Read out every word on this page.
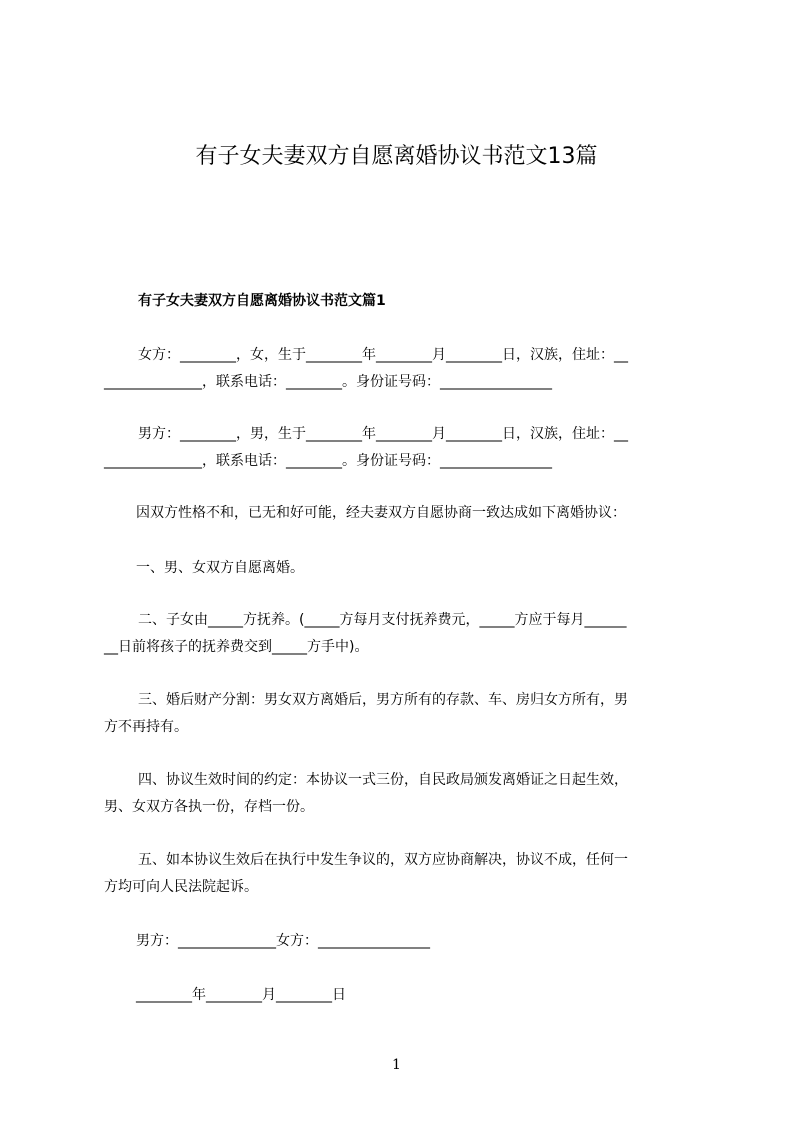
有子女夫妻双方自愿离婚协议书范文13篇
有子女夫妻双方自愿离婚协议书范文篇1
女方：________，女，生于________年________月________日，汉族，住址：__
______________，联系电话：________。身份证号码：________________
男方：________，男，生于________年________月________日，汉族，住址：__
______________，联系电话：________。身份证号码：________________
因双方性格不和，已无和好可能，经夫妻双方自愿协商一致达成如下离婚协议：
一、男、女双方自愿离婚。
二、子女由_____方抚养。(_____方每月支付抚养费元，_____方应于每月______
__日前将孩子的抚养费交到_____方手中)。
三、婚后财产分割：男女双方离婚后，男方所有的存款、车、房归女方所有，男
方不再持有。
四、协议生效时间的约定：本协议一式三份，自民政局颁发离婚证之日起生效，
男、女双方各执一份，存档一份。
五、如本协议生效后在执行中发生争议的，双方应协商解决，协议不成，任何一
方均可向人民法院起诉。
男方：______________女方：________________
________年________月________日
1
